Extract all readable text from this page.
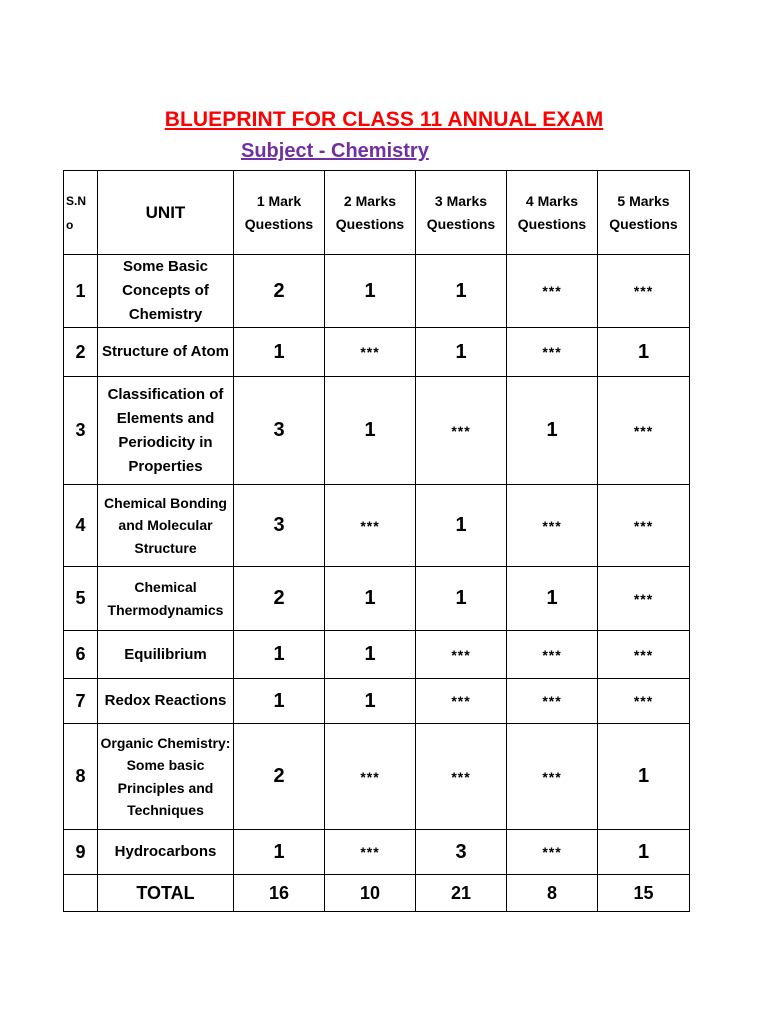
BLUEPRINT FOR CLASS 11 ANNUAL EXAM
Subject - Chemistry
S.N o	UNIT	1 Mark Questions	2 Marks Questions	3 Marks Questions	4 Marks Questions	5 Marks Questions
1	Some Basic Concepts of Chemistry	2	1	1	***	***
2	Structure of Atom	1	***	1	***	1
3	Classification of Elements and Periodicity in Properties	3	1	***	1	***
4	Chemical Bonding and Molecular Structure	3	***	1	***	***
5	Chemical Thermodynamics	2	1	1	1	***
6	Equilibrium	1	1	***	***	***
7	Redox Reactions	1	1	***	***	***
8	Organic Chemistry: Some basic Principles and Techniques	2	***	***	***	1
9	Hydrocarbons	1	***	3	***	1
	TOTAL	16	10	21	8	15
